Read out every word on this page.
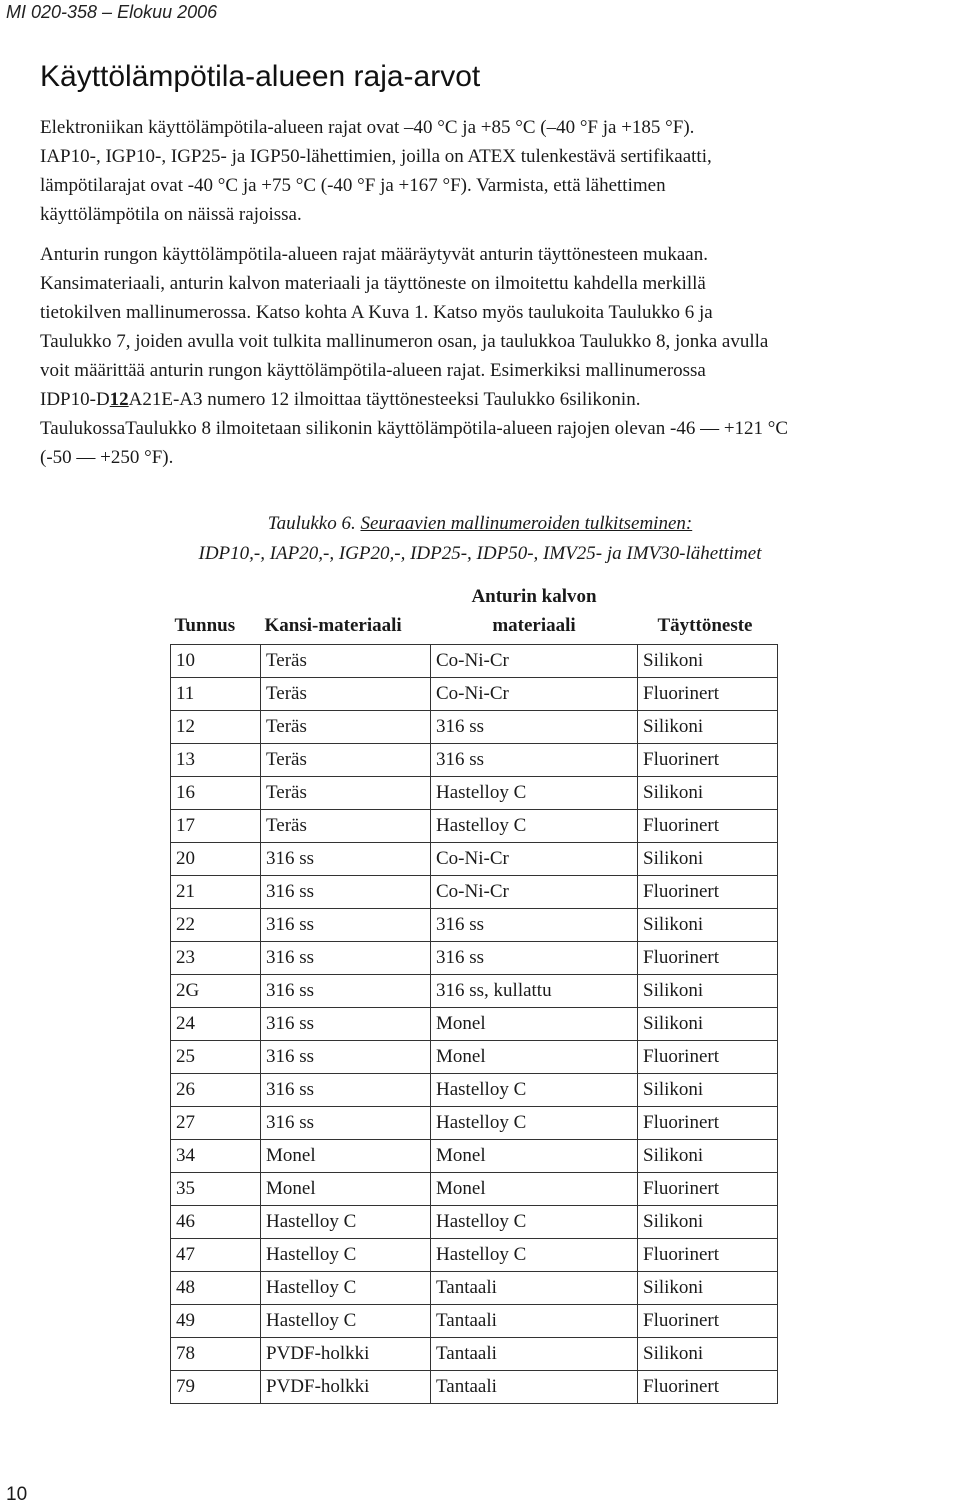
MI 020-358 – Elokuu 2006
Käyttölämpötila-alueen raja-arvot

Elektroniikan käyttölämpötila-alueen rajat ovat –40 °C ja +85 °C (–40 °F ja +185 °F).
IAP10-, IGP10-, IGP25- ja IGP50-lähettimien, joilla on ATEX tulenkestävä sertifikaatti,
lämpötilarajat ovat -40 °C ja +75 °C (-40 °F ja +167 °F). Varmista, että lähettimen
käyttölämpötila on näissä rajoissa.

Anturin rungon käyttölämpötila-alueen rajat määräytyvät anturin täyttönesteen mukaan.
Kansimateriaali, anturin kalvon materiaali ja täyttöneste on ilmoitettu kahdella merkillä
tietokilven mallinumerossa. Katso kohta A Kuva 1. Katso myös taulukoita Taulukko 6 ja
Taulukko 7, joiden avulla voit tulkita mallinumeron osan, ja taulukkoa Taulukko 8, jonka avulla
voit määrittää anturin rungon käyttölämpötila-alueen rajat. Esimerkiksi mallinumerossa
IDP10-D12A21E-A3 numero 12 ilmoittaa täyttönesteeksi Taulukko 6silikonin.
TaulukossaTaulukko 8 ilmoitetaan silikonin käyttölämpötila-alueen rajojen olevan -46 — +121 °C
(-50 — +250 °F).

Taulukko 6. Seuraavien mallinumeroiden tulkitseminen:
IDP10,-, IAP20,-, IGP20,-, IDP25-, IDP50-, IMV25- ja IMV30-lähettimet
Tunnus	Kansi-materiaali	Anturin kalvon
materiaali	Täyttöneste
10	Teräs	Co-Ni-Cr	Silikoni
11	Teräs	Co-Ni-Cr	Fluorinert
12	Teräs	316 ss	Silikoni
13	Teräs	316 ss	Fluorinert
16	Teräs	Hastelloy C	Silikoni
17	Teräs	Hastelloy C	Fluorinert
20	316 ss	Co-Ni-Cr	Silikoni
21	316 ss	Co-Ni-Cr	Fluorinert
22	316 ss	316 ss	Silikoni
23	316 ss	316 ss	Fluorinert
2G	316 ss	316 ss, kullattu	Silikoni
24	316 ss	Monel	Silikoni
25	316 ss	Monel	Fluorinert
26	316 ss	Hastelloy C	Silikoni
27	316 ss	Hastelloy C	Fluorinert
34	Monel	Monel	Silikoni
35	Monel	Monel	Fluorinert
46	Hastelloy C	Hastelloy C	Silikoni
47	Hastelloy C	Hastelloy C	Fluorinert
48	Hastelloy C	Tantaali	Silikoni
49	Hastelloy C	Tantaali	Fluorinert
78	PVDF-holkki	Tantaali	Silikoni
79	PVDF-holkki	Tantaali	Fluorinert
10
